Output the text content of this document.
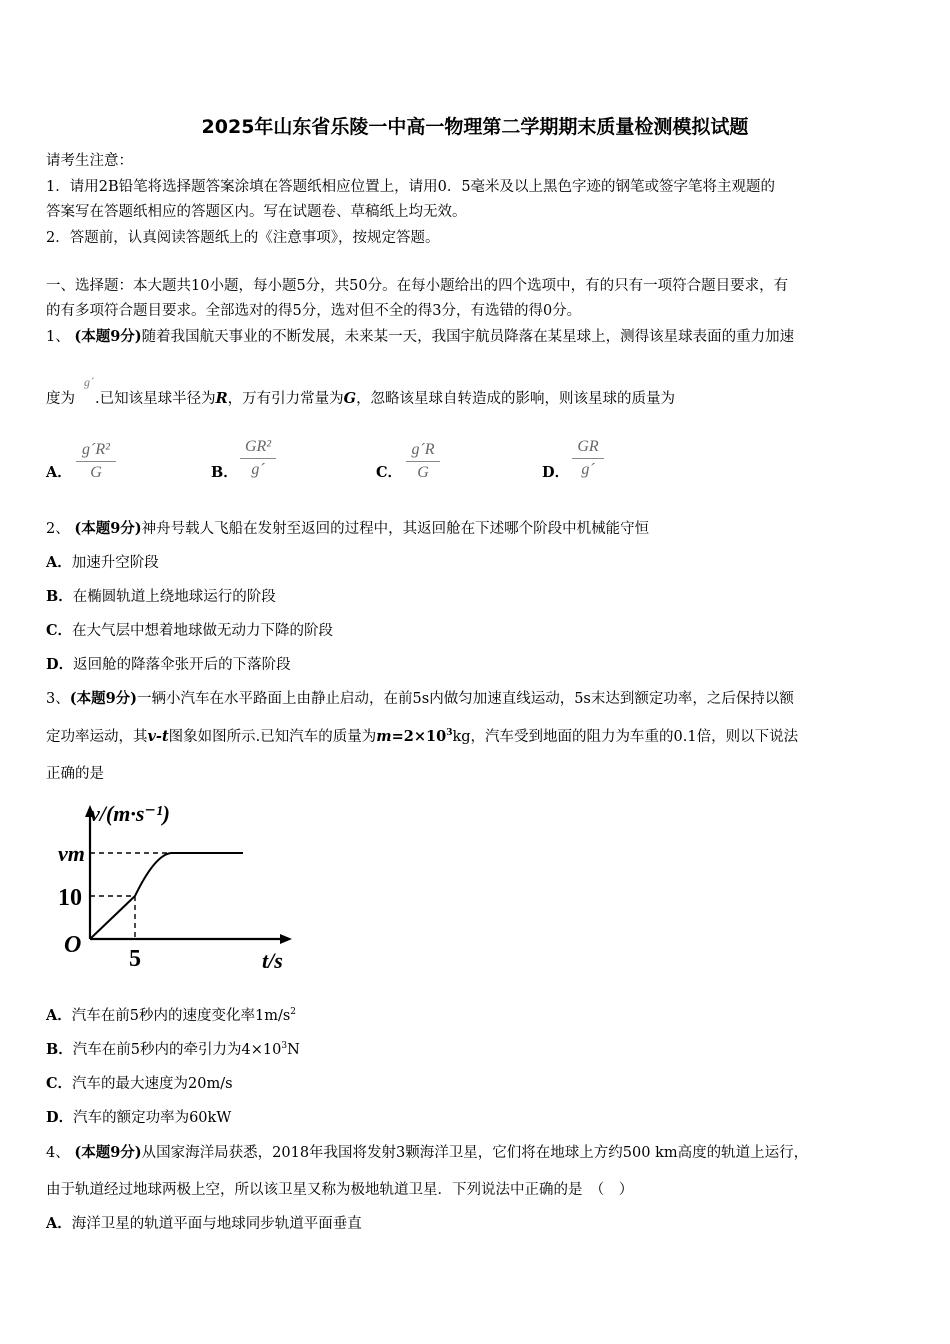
2025年山东省乐陵一中高一物理第二学期期末质量检测模拟试题
请考生注意：
1．请用2B铅笔将选择题答案涂填在答题纸相应位置上，请用0．5毫米及以上黑色字迹的钢笔或签字笔将主观题的
答案写在答题纸相应的答题区内。写在试题卷、草稿纸上均无效。
2．答题前，认真阅读答题纸上的《注意事项》，按规定答题。
一、选择题：本大题共10小题，每小题5分，共50分。在每小题给出的四个选项中，有的只有一项符合题目要求，有
的有多项符合题目要求。全部选对的得5分，选对但不全的得3分，有选错的得0分。
1、 (本题9分)随着我国航天事业的不断发展，未来某一天，我国宇航员降落在某星球上，测得该星球表面的重力加速
g´
度为 .已知该星球半径为R，万有引力常量为G，忽略该星球自转造成的影响，则该星球的质量为
A．
g´R²
G	B．
GR²
g´	C．
g´R
G	D．
GR
g´
2、 (本题9分)神舟号载人飞船在发射至返回的过程中，其返回舱在下述哪个阶段中机械能守恒
A．加速升空阶段
B．在椭圆轨道上绕地球运行的阶段
C．在大气层中想着地球做无动力下降的阶段
D．返回舱的降落伞张开后的下落阶段
3、(本题9分)一辆小汽车在水平路面上由静止启动，在前5s内做匀加速直线运动，5s末达到额定功率，之后保持以额
定功率运动，其v-t图象如图所示.已知汽车的质量为$m=2\times 10^3kg$，汽车受到地面的阻力为车重的0.1倍，则以下说法
正确的是
v/(m·s⁻¹)
t/s
O
vm
10
5
A．汽车在前5秒内的速度变化率$1m/s^2$
B．汽车在前5秒内的牵引力为$4\times 10^3N$
C．汽车的最大速度为20m/s
D．汽车的额定功率为60kW
4、 (本题9分)从国家海洋局获悉，2018年我国将发射3颗海洋卫星，它们将在地球上方约500 km高度的轨道上运行，
由于轨道经过地球两极上空，所以该卫星又称为极地轨道卫星．下列说法中正确的是　（　）
A．海洋卫星的轨道平面与地球同步轨道平面垂直
